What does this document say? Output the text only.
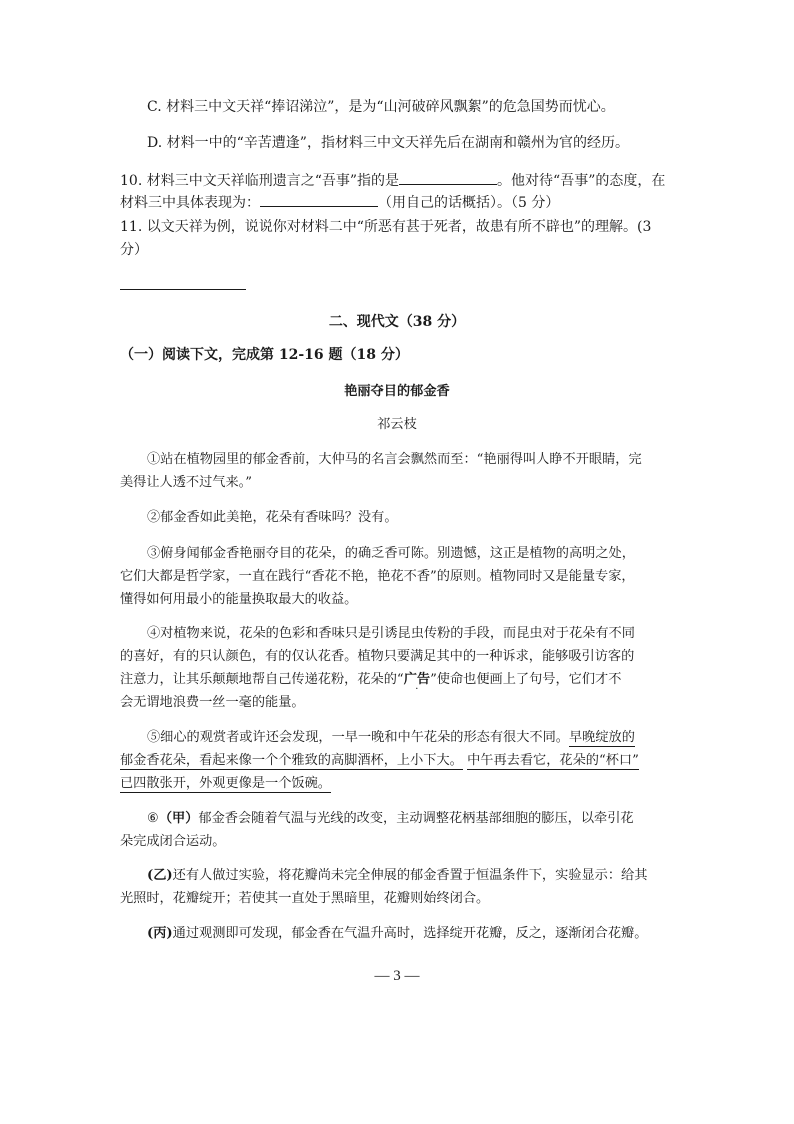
C. 材料三中文天祥“捧诏涕泣”，是为“山河破碎风飘絮”的危急国势而忧心。
D. 材料一中的“辛苦遭逢”，指材料三中文天祥先后在湖南和赣州为官的经历。
10. 材料三中文天祥临刑遗言之“吾事”指的是	。他对待“吾事”的态度，在
材料三中具体表现为：	（用自己的话概括）。（5 分）
11. 以文天祥为例，说说你对材料二中“所恶有甚于死者，故患有所不辟也”的理解。(3
分）
二、现代文（38 分）
（一）阅读下文，完成第 12-16 题（18 分）
艳丽夺目的郁金香
祁云枝
①站在植物园里的郁金香前，大仲马的名言会飘然而至：“艳丽得叫人睁不开眼睛，完
美得让人透不过气来。”
②郁金香如此美艳，花朵有香味吗？没有。
③俯身闻郁金香艳丽夺目的花朵，的确乏香可陈。别遗憾，这正是植物的高明之处，
它们大都是哲学家，一直在践行“香花不艳，艳花不香”的原则。植物同时又是能量专家，
懂得如何用最小的能量换取最大的收益。
④对植物来说，花朵的色彩和香味只是引诱昆虫传粉的手段，而昆虫对于花朵有不同
的喜好，有的只认颜色，有的仅认花香。植物只要满足其中的一种诉求，能够吸引访客的
注意力，让其乐颠颠地帮自己传递花粉，花朵的“广告
·
”使命也便画上了句号，它们才不
会无谓地浪费一丝一毫的能量。
⑤细心的观赏者或许还会发现，一早一晚和中午花朵的形态有很大不同。早晚绽放的
郁金香花朵，看起来像一个个雅致的高脚酒杯，上小下大。 中午再去看它，花朵的“杯口”
已四散张开，外观更像是一个饭碗。
⑥（甲）郁金香会随着气温与光线的改变，主动调整花柄基部细胞的膨压，以牵引花
朵完成闭合运动。
(乙)还有人做过实验，将花瓣尚未完全伸展的郁金香置于恒温条件下，实验显示：给其
光照时，花瓣绽开；若使其一直处于黑暗里，花瓣则始终闭合。
(丙)通过观测即可发现，郁金香在气温升高时，选择绽开花瓣，反之，逐渐闭合花瓣。
— 3 —
